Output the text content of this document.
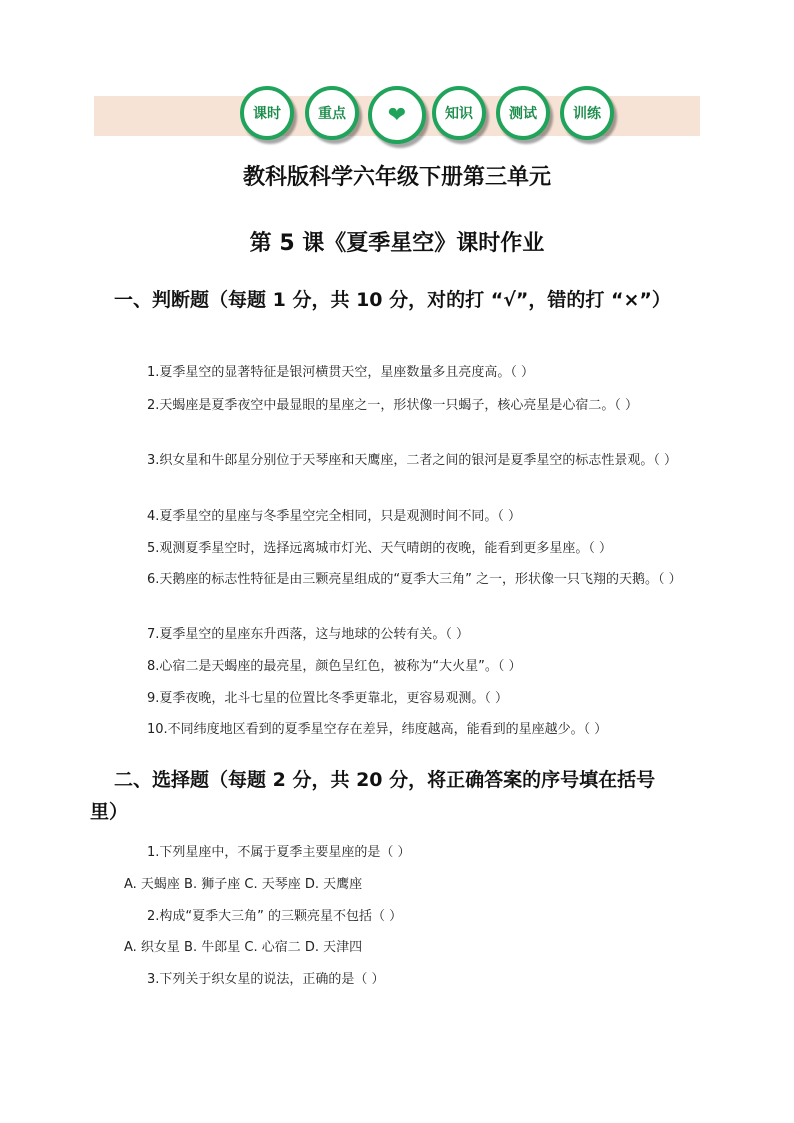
课时	重点 ❤	知识	测试	训练
教科版科学六年级下册第三单元
第 5 课《夏季星空》课时作业
一、判断题（每题 1 分，共 10 分，对的打 “√”，错的打 “×”）
1.夏季星空的显著特征是银河横贯天空，星座数量多且亮度高。（ ）
2.天蝎座是夏季夜空中最显眼的星座之一，形状像一只蝎子，核心亮星是心宿二。（ ）
3.织女星和牛郎星分别位于天琴座和天鹰座，二者之间的银河是夏季星空的标志性景观。（ ）
4.夏季星空的星座与冬季星空完全相同，只是观测时间不同。（ ）
5.观测夏季星空时，选择远离城市灯光、天气晴朗的夜晚，能看到更多星座。（ ）
6.天鹅座的标志性特征是由三颗亮星组成的“夏季大三角” 之一，形状像一只飞翔的天鹅。（ ）
7.夏季星空的星座东升西落，这与地球的公转有关。（ ）
8.心宿二是天蝎座的最亮星，颜色呈红色，被称为“大火星”。（ ）
9.夏季夜晚，北斗七星的位置比冬季更靠北，更容易观测。（ ）
10.不同纬度地区看到的夏季星空存在差异，纬度越高，能看到的星座越少。（ ）
二、选择题（每题 2 分，共 20 分，将正确答案的序号填在括号里）
1.下列星座中，不属于夏季主要星座的是（ ）
A. 天蝎座 B. 狮子座 C. 天琴座 D. 天鹰座
2.构成“夏季大三角” 的三颗亮星不包括（ ）
A. 织女星 B. 牛郎星 C. 心宿二 D. 天津四
3.下列关于织女星的说法，正确的是（ ）
